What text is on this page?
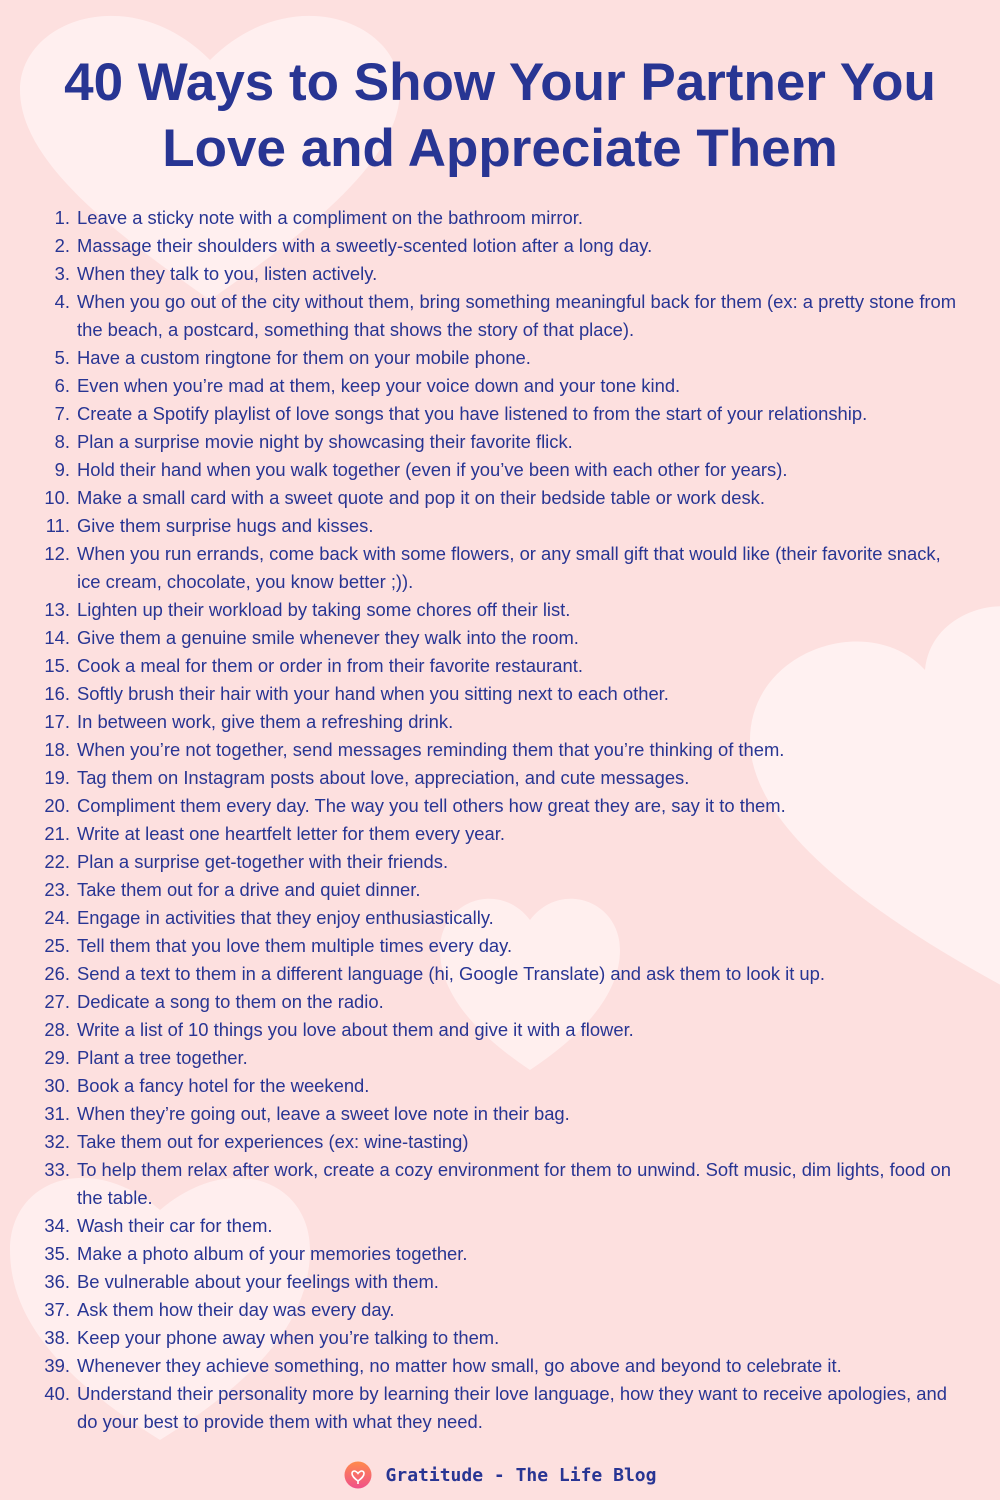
40 Ways to Show Your Partner You
Love and Appreciate Them
1. Leave a sticky note with a compliment on the bathroom mirror.
2. Massage their shoulders with a sweetly-scented lotion after a long day.
3. When they talk to you, listen actively.
4. When you go out of the city without them, bring something meaningful back for them (ex: a pretty stone from the beach, a postcard, something that shows the story of that place).
5. Have a custom ringtone for them on your mobile phone.
6. Even when you’re mad at them, keep your voice down and your tone kind.
7. Create a Spotify playlist of love songs that you have listened to from the start of your relationship.
8. Plan a surprise movie night by showcasing their favorite flick.
9. Hold their hand when you walk together (even if you’ve been with each other for years).
10. Make a small card with a sweet quote and pop it on their bedside table or work desk.
11. Give them surprise hugs and kisses.
12. When you run errands, come back with some flowers, or any small gift that would like (their favorite snack, ice cream, chocolate, you know better ;)).
13. Lighten up their workload by taking some chores off their list.
14. Give them a genuine smile whenever they walk into the room.
15. Cook a meal for them or order in from their favorite restaurant.
16. Softly brush their hair with your hand when you sitting next to each other.
17. In between work, give them a refreshing drink.
18. When you’re not together, send messages reminding them that you’re thinking of them.
19. Tag them on Instagram posts about love, appreciation, and cute messages.
20. Compliment them every day. The way you tell others how great they are, say it to them.
21. Write at least one heartfelt letter for them every year.
22. Plan a surprise get-together with their friends.
23. Take them out for a drive and quiet dinner.
24. Engage in activities that they enjoy enthusiastically.
25. Tell them that you love them multiple times every day.
26. Send a text to them in a different language (hi, Google Translate) and ask them to look it up.
27. Dedicate a song to them on the radio.
28. Write a list of 10 things you love about them and give it with a flower.
29. Plant a tree together.
30. Book a fancy hotel for the weekend.
31. When they’re going out, leave a sweet love note in their bag.
32. Take them out for experiences (ex: wine-tasting)
33. To help them relax after work, create a cozy environment for them to unwind. Soft music, dim lights, food on the table.
34. Wash their car for them.
35. Make a photo album of your memories together.
36. Be vulnerable about your feelings with them.
37. Ask them how their day was every day.
38. Keep your phone away when you’re talking to them.
39. Whenever they achieve something, no matter how small, go above and beyond to celebrate it.
40. Understand their personality more by learning their love language, how they want to receive apologies, and do your best to provide them with what they need.
Gratitude - The Life Blog
